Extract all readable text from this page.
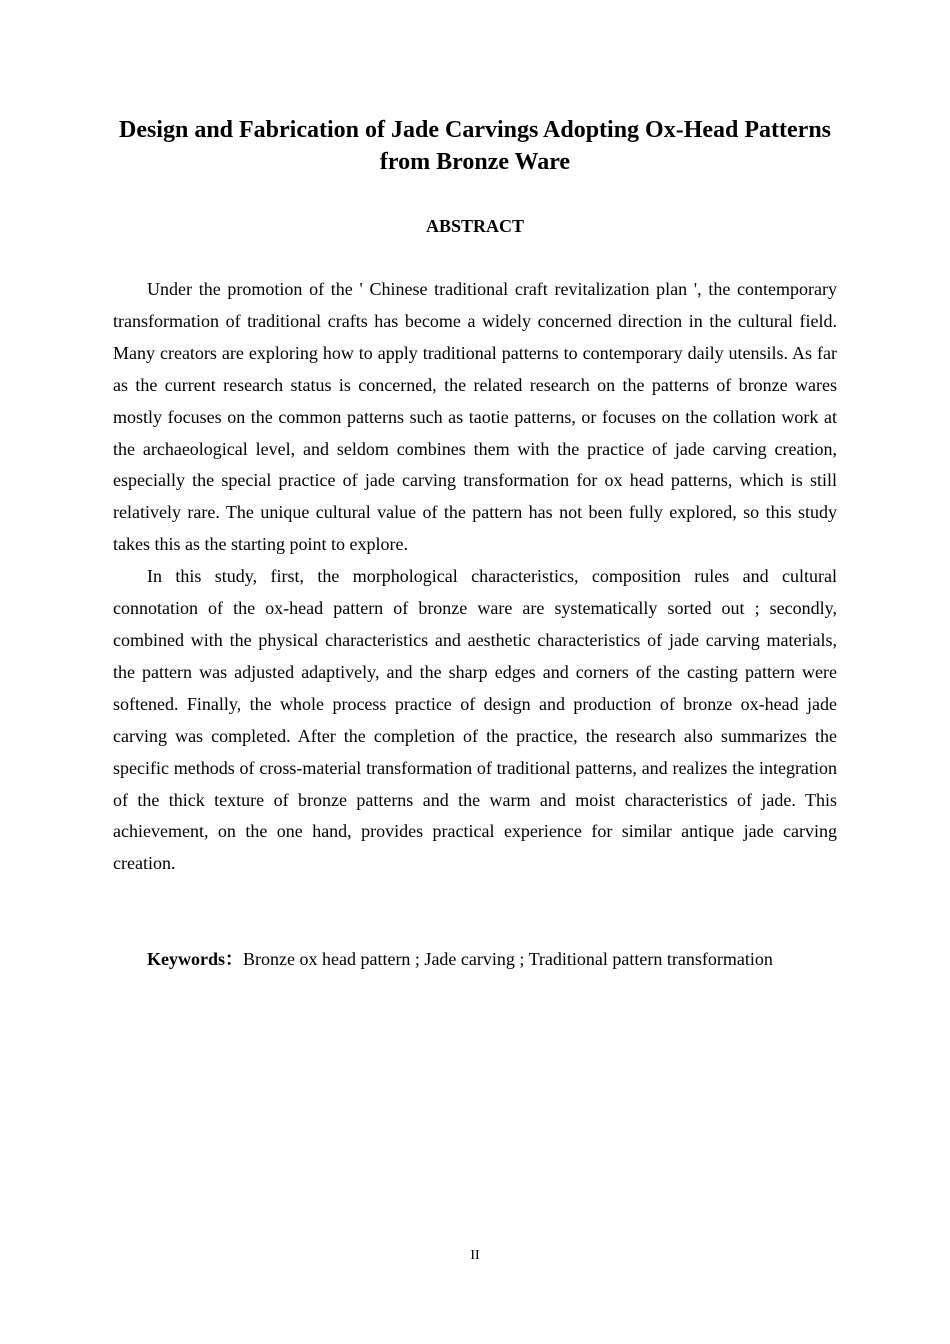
Design and Fabrication of Jade Carvings Adopting Ox-Head Patterns from Bronze Ware
ABSTRACT

Under the promotion of the ' Chinese traditional craft revitalization plan ', the contemporary transformation of traditional crafts has become a widely concerned direction in the cultural field. Many creators are exploring how to apply traditional patterns to contemporary daily utensils. As far as the current research status is concerned, the related research on the patterns of bronze wares mostly focuses on the common patterns such as taotie patterns, or focuses on the collation work at the archaeological level, and seldom combines them with the practice of jade carving creation, especially the special practice of jade carving transformation for ox head patterns, which is still relatively rare. The unique cultural value of the pattern has not been fully explored, so this study takes this as the starting point to explore.

In this study, first, the morphological characteristics, composition rules and cultural connotation of the ox-head pattern of bronze ware are systematically sorted out ; secondly, combined with the physical characteristics and aesthetic characteristics of jade carving materials, the pattern was adjusted adaptively, and the sharp edges and corners of the casting pattern were softened. Finally, the whole process practice of design and production of bronze ox-head jade carving was completed. After the completion of the practice, the research also summarizes the specific methods of cross-material transformation of traditional patterns, and realizes the integration of the thick texture of bronze patterns and the warm and moist characteristics of jade. This achievement, on the one hand, provides practical experience for similar antique jade carving creation.

Keywords：Bronze ox head pattern ; Jade carving ; Traditional pattern transformation

II
